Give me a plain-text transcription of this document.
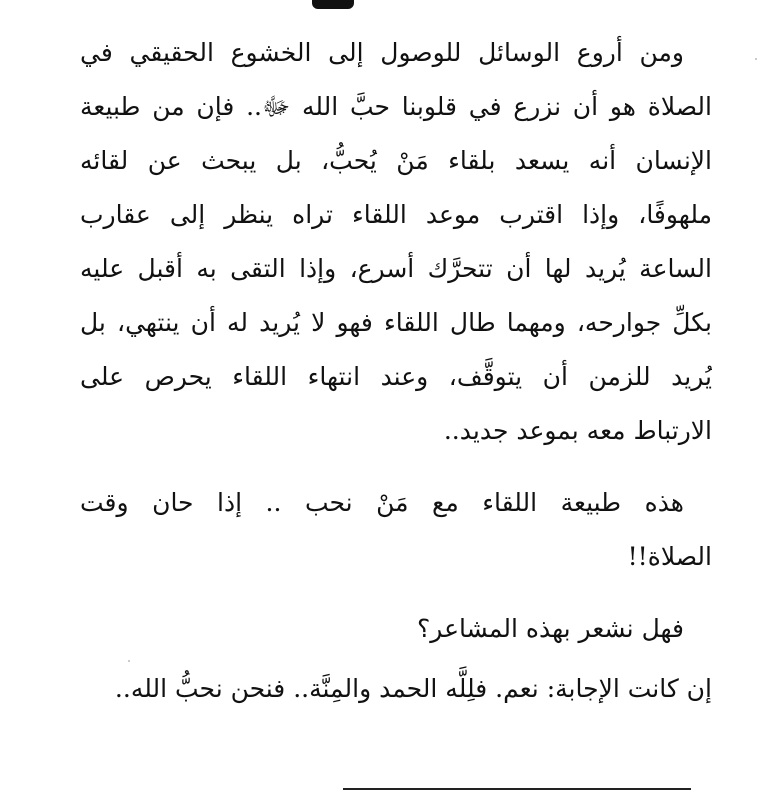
ومن أروع الوسائل للوصول إلى الخشوع الحقيقي في
الصلاة هو أن نزرع في قلوبنا حبَّ الله ﷻ.. فإن من طبيعة
الإنسان أنه يسعد بلقاء مَنْ يُحبُّ، بل يبحث عن لقائه
ملهوفًا، وإذا اقترب موعد اللقاء تراه ينظر إلى عقارب
الساعة يُريد لها أن تتحرَّك أسرع، وإذا التقى به أقبل عليه
بكلِّ جوارحه، ومهما طال اللقاء فهو لا يُريد له أن ينتهي، بل
يُريد للزمن أن يتوقَّف، وعند انتهاء اللقاء يحرص على
الارتباط معه بموعد جديد..
هذه طبيعة اللقاء مع مَنْ نحب .. إذا حان وقت
الصلاة!!
فهل نشعر بهذه المشاعر؟
إن كانت الإجابة: نعم. فلِلَّه الحمد والمِنَّة.. فنحن نحبُّ الله..
